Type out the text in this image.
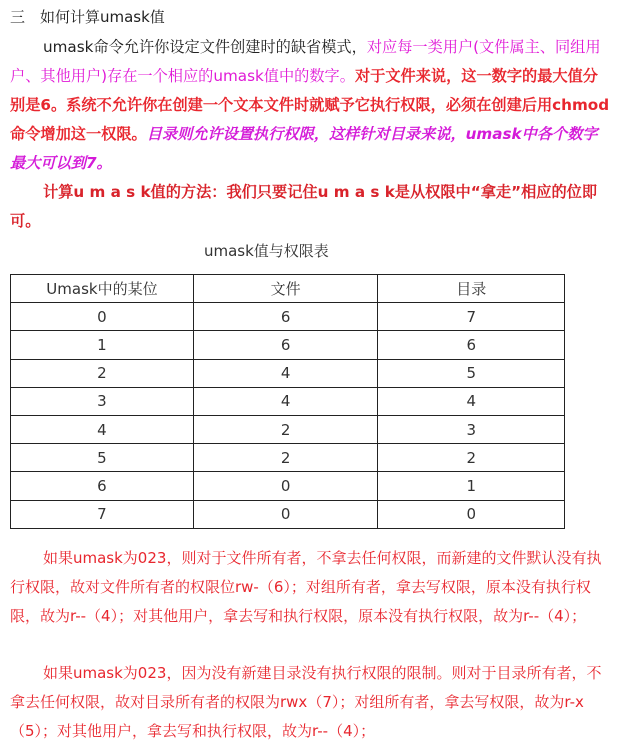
三 如何计算umask值
umask命令允许你设定文件创建时的缺省模式，对应每一类用户(文件属主、同组用户、其他用户)存在一个相应的umask值中的数字。对于文件来说，这一数字的最大值分别是6。系统不允许你在创建一个文本文件时就赋予它执行权限，必须在创建后用chmod命令增加这一权限。目录则允许设置执行权限，这样针对目录来说，umask中各个数字最大可以到7。
计算u m a s k值的方法：我们只要记住u m a s k是从权限中“拿走”相应的位即可。
umask值与权限表
Umask中的某位	文件	目录
0	6	7
1	6	6
2	4	5
3	4	4
4	2	3
5	2	2
6	0	1
7	0	0
如果umask为023，则对于文件所有者，不拿去任何权限，而新建的文件默认没有执行权限，故对文件所有者的权限位rw-（6）；对组所有者，拿去写权限，原本没有执行权限，故为r--（4）；对其他用户，拿去写和执行权限，原本没有执行权限，故为r--（4）；
如果umask为023，因为没有新建目录没有执行权限的限制。则对于目录所有者，不拿去任何权限，故对目录所有者的权限为rwx（7）；对组所有者，拿去写权限，故为r-x（5）；对其他用户，拿去写和执行权限，故为r--（4）；
